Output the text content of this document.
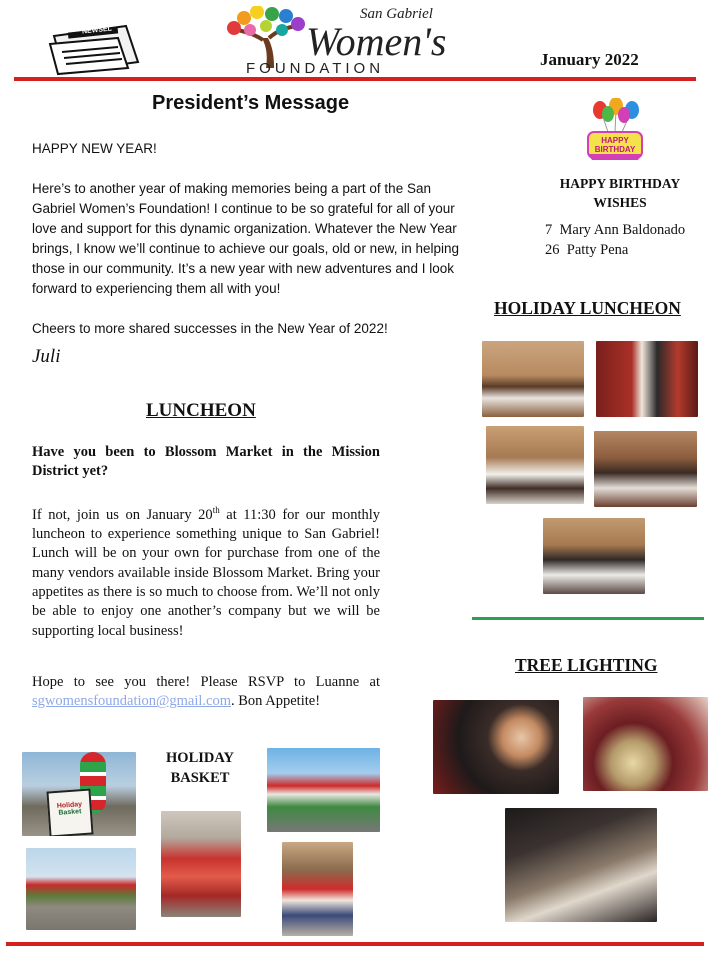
NEWSEL
San Gabriel
Women's
FOUNDATION	January 2022
President’s Message

HAPPY NEW YEAR!

Here’s to another year of making memories being a part of the San Gabriel Women’s Foundation! I continue to be so grateful for all of your love and support for this dynamic organization. Whatever the New Year brings, I know we’ll continue to achieve our goals, old or new, in helping those in our community. It’s a new year with new adventures and I look forward to experiencing them all with you!

Cheers to more shared successes in the New Year of 2022!

Juli
LUNCHEON
Have you been to Blossom Market in the Mission District yet?
If not, join us on January 20th at 11:30 for our monthly luncheon to experience something unique to San Gabriel! Lunch will be on your own for purchase from one of the many vendors available inside Blossom Market. Bring your appetites as there is so much to choose from. We’ll not only be able to enjoy one another’s company but we will be supporting local business!
Hope to see you there! Please RSVP to Luanne at sgwomensfoundation@gmail.com. Bon Appetite!
HAPPY BIRTHDAY
HAPPY BIRTHDAY
WISHES
7 Mary Ann Baldonado
26 Patty Pena
HOLIDAY LUNCHEON
TREE LIGHTING
Holiday
Basket
HOLIDAY
BASKET
